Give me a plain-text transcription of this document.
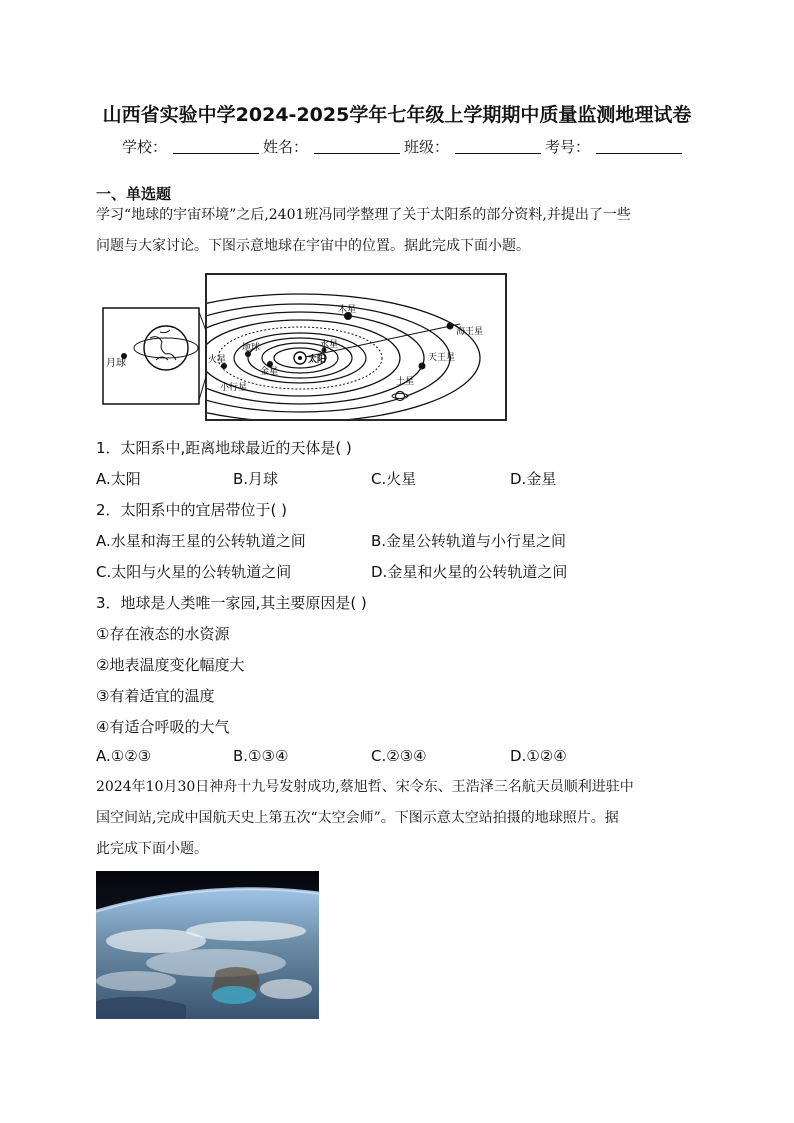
山西省实验中学2024-2025学年七年级上学期期中质量监测地理试卷
学校：	姓名：	班级：	考号：
一、单选题
学习“地球的宇宙环境”之后,2401班冯同学整理了关于太阳系的部分资料,并提出了一些
问题与大家讨论。下图示意地球在宇宙中的位置。据此完成下面小题。
月球	太阳
水星
金星
地球
火星
小行星
木星
土星
天王星
海王星
1．太阳系中,距离地球最近的天体是( )
A.太阳	B.月球	C.火星	D.金星
2．太阳系中的宜居带位于( )
A.水星和海王星的公转轨道之间	B.金星公转轨道与小行星之间
C.太阳与火星的公转轨道之间	D.金星和火星的公转轨道之间
3．地球是人类唯一家园,其主要原因是( )
①存在液态的水资源
②地表温度变化幅度大
③有着适宜的温度
④有适合呼吸的大气
A.①②③	B.①③④	C.②③④	D.①②④
2024年10月30日神舟十九号发射成功,蔡旭哲、宋令东、王浩泽三名航天员顺利进驻中
国空间站,完成中国航天史上第五次“太空会师”。下图示意太空站拍摄的地球照片。据
此完成下面小题。
